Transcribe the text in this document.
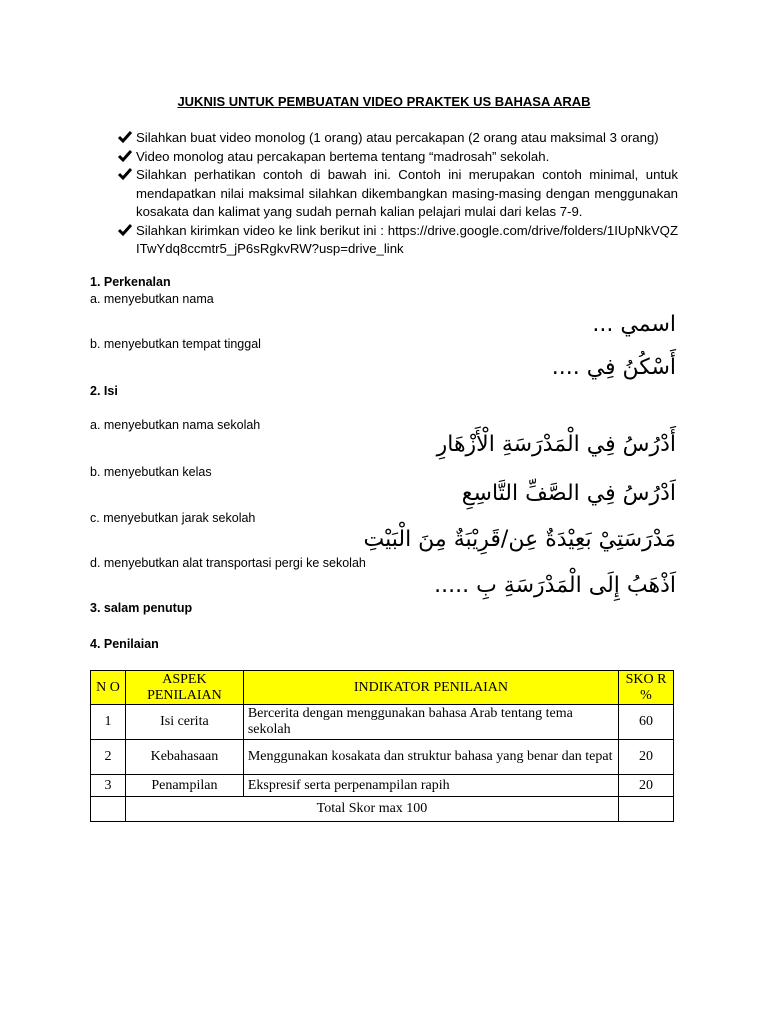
JUKNIS UNTUK PEMBUATAN VIDEO PRAKTEK US BAHASA ARAB
Silahkan buat video monolog (1 orang) atau percakapan (2 orang atau maksimal 3 orang)
Video monolog atau percakapan bertema tentang “madrosah” sekolah.
Silahkan perhatikan contoh di bawah ini. Contoh ini merupakan contoh minimal, untuk mendapatkan nilai maksimal silahkan dikembangkan masing-masing dengan menggunakan kosakata dan kalimat yang sudah pernah kalian pelajari mulai dari kelas 7-9.
Silahkan kirimkan video ke link berikut ini : https://drive.google.com/drive/folders/1IUpNkVQZITwYdq8ccmtr5_jP6sRgkvRW?usp=drive_link
1. Perkenalan
a. menyebutkan nama
اسمي ...
b. menyebutkan tempat tinggal
أَسْكُنُ فِي ....
2. Isi
a. menyebutkan nama sekolah
أَدْرُسُ فِي الْمَدْرَسَةِ الْأَزْهَارِ
b. menyebutkan kelas
اَدْرُسُ فِي الصَّفِّ التَّاسِعِ
c. menyebutkan jarak sekolah
مَدْرَسَتِيْ بَعِيْدَةٌ عِن/قَرِيْبَةٌ مِنَ الْبَيْتِ
d. menyebutkan alat transportasi pergi ke sekolah
اَذْهَبُ إِلَى الْمَدْرَسَةِ بِ .....
3. salam penutup
4. Penilaian
N O	ASPEK PENILAIAN	INDIKATOR PENILAIAN	SKO R %
1	Isi cerita	Bercerita dengan menggunakan bahasa Arab tentang tema sekolah	60
2	Kebahasaan	Menggunakan kosakata dan struktur bahasa yang benar dan tepat	20
3	Penampilan	Ekspresif serta perpenampilan rapih	20
	Total Skor max 100		
